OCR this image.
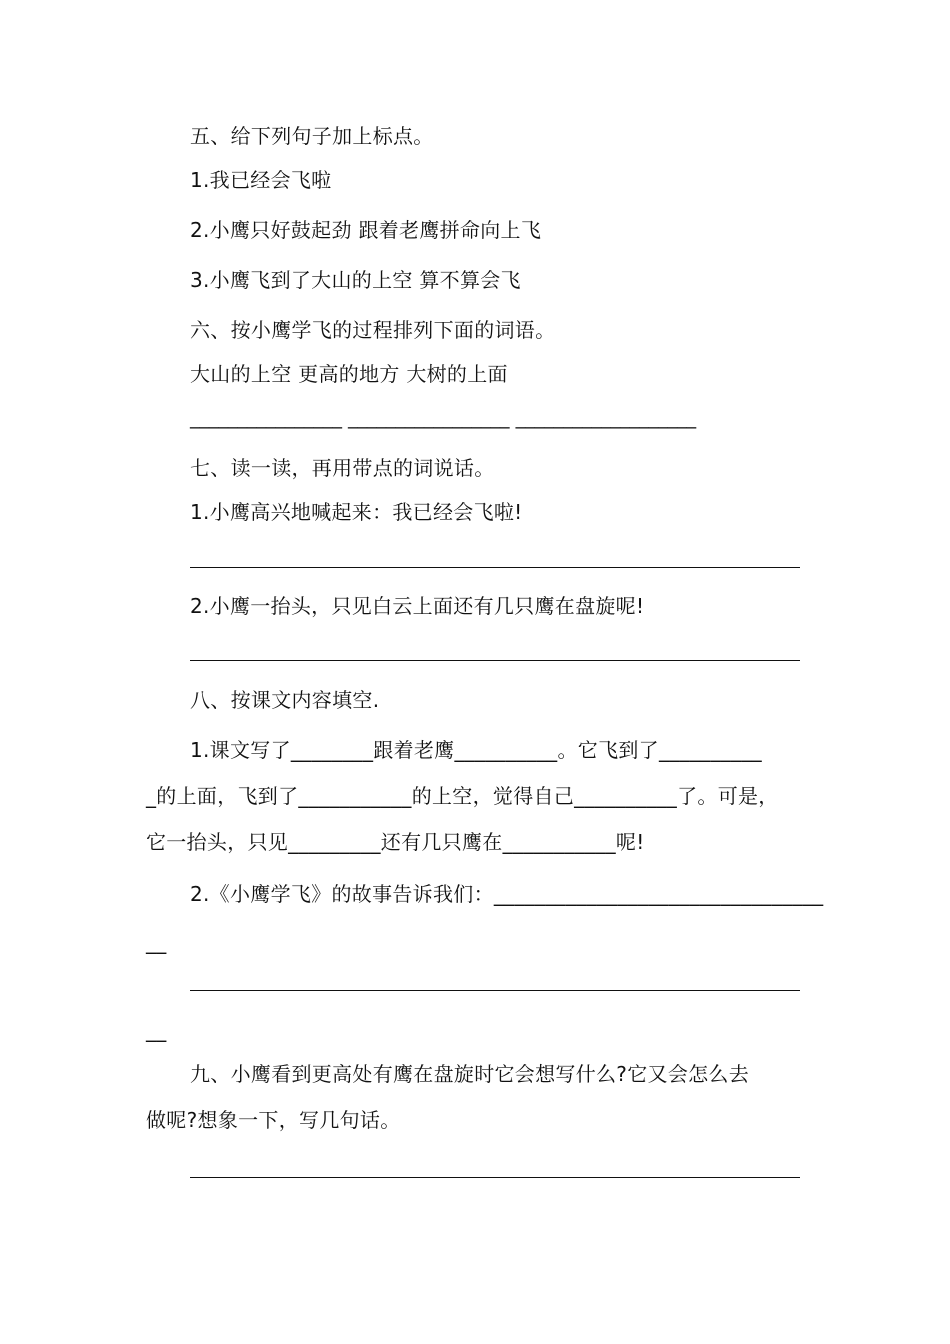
五、给下列句子加上标点。
1.我已经会飞啦
2.小鹰只好鼓起劲 跟着老鹰拼命向上飞
3.小鹰飞到了大山的上空 算不算会飞
六、按小鹰学飞的过程排列下面的词语。
大山的上空 更高的地方 大树的上面
________________ _________________ ___________________
七、读一读，再用带点的词说话。
1.小鹰高兴地喊起来：我已经会飞啦!
2.小鹰一抬头，只见白云上面还有几只鹰在盘旋呢!
八、按课文内容填空.
1.课文写了________跟着老鹰__________。它飞到了__________
_的上面，飞到了___________的上空，觉得自己__________了。可是，
它一抬头，只见_________还有几只鹰在___________呢!
2.《小鹰学飞》的故事告诉我们：________________________________
__
__
九、小鹰看到更高处有鹰在盘旋时它会想写什么?它又会怎么去
做呢?想象一下，写几句话。
